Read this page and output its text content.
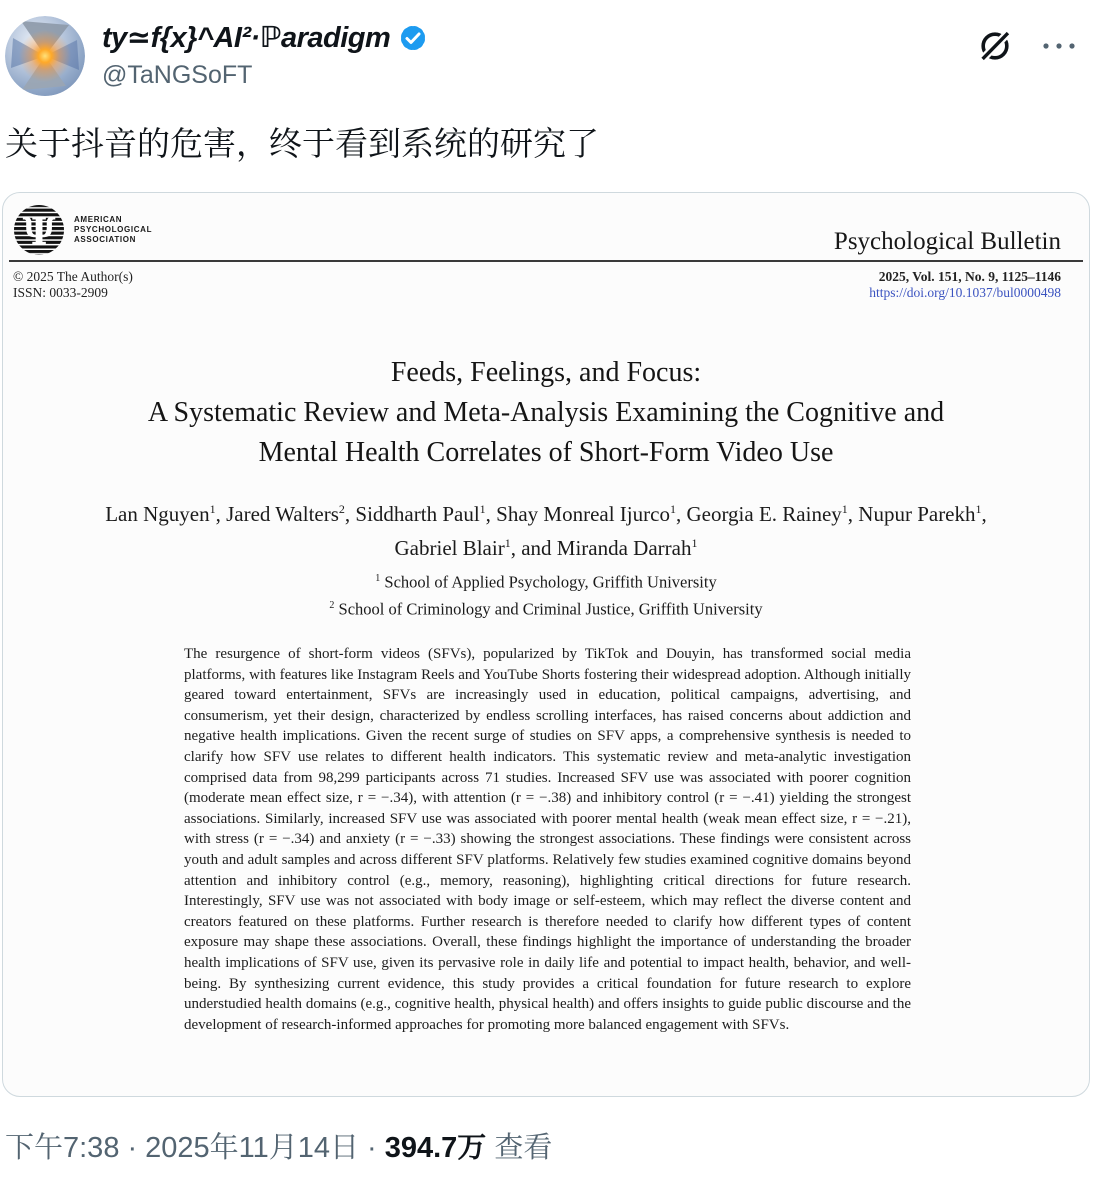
ty≃f{x}^AI²·ℙaradigm
@TaNGSoFT
关于抖音的危害，终于看到系统的研究了
Ψ AMERICAN
PSYCHOLOGICAL
ASSOCIATION	Psychological Bulletin
© 2025 The Author(s)
ISSN: 0033-2909
2025, Vol. 151, No. 9, 1125–1146
https://doi.org/10.1037/bul0000498
Feeds, Feelings, and Focus:
A Systematic Review and Meta-Analysis Examining the Cognitive and
Mental Health Correlates of Short-Form Video Use
Lan Nguyen$^1$, Jared Walters$^2$, Siddharth Paul$^1$, Shay Monreal Ijurco$^1$, Georgia E. Rainey$^1$, Nupur Parekh$^1$,
Gabriel Blair$^1$, and Miranda Darrah$^1$
$^1$ School of Applied Psychology, Griffith University
$^2$ School of Criminology and Criminal Justice, Griffith University

The resurgence of short-form videos (SFVs), popularized by TikTok and Douyin, has transformed social media platforms, with features like Instagram Reels and YouTube Shorts fostering their widespread adoption. Although initially geared toward entertainment, SFVs are increasingly used in education, political campaigns, advertising, and consumerism, yet their design, characterized by endless scrolling interfaces, has raised concerns about addiction and negative health implications. Given the recent surge of studies on SFV apps, a comprehensive synthesis is needed to clarify how SFV use relates to different health indicators. This systematic review and meta-analytic investigation comprised data from 98,299 participants across 71 studies. Increased SFV use was associated with poorer cognition (moderate mean effect size, r = −.34), with attention (r = −.38) and inhibitory control (r = −.41) yielding the strongest associations. Similarly, increased SFV use was associated with poorer mental health (weak mean effect size, r = −.21), with stress (r = −.34) and anxiety (r = −.33) showing the strongest associations. These findings were consistent across youth and adult samples and across different SFV platforms. Relatively few studies examined cognitive domains beyond attention and inhibitory control (e.g., memory, reasoning), highlighting critical directions for future research. Interestingly, SFV use was not associated with body image or self-esteem, which may reflect the diverse content and creators featured on these platforms. Further research is therefore needed to clarify how different types of content exposure may shape these associations. Overall, these findings highlight the importance of understanding the broader health implications of SFV use, given its pervasive role in daily life and potential to impact health, behavior, and well-being. By synthesizing current evidence, this study provides a critical foundation for future research to explore understudied health domains (e.g., cognitive health, physical health) and offers insights to guide public discourse and the development of research-informed approaches for promoting more balanced engagement with SFVs.

下午7:38 · 2025年11月14日 · 394.7万 查看
